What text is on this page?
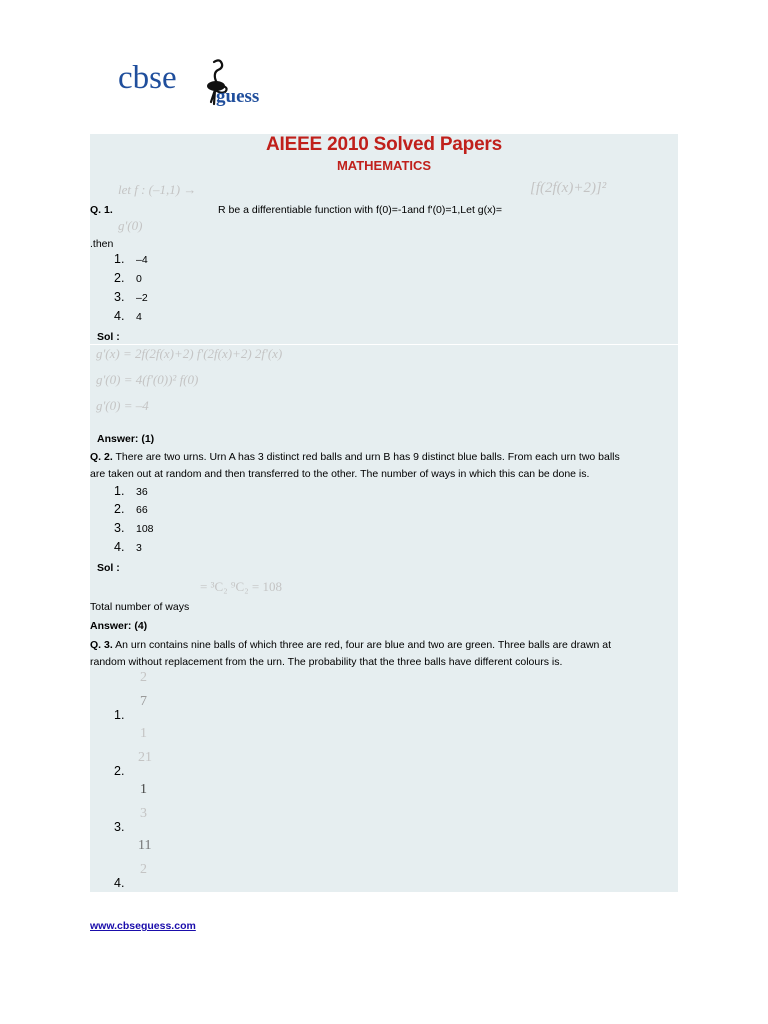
cbse
guess
AIEEE 2010 Solved Papers
MATHEMATICS
let f : (–1,1) →	[f(2f(x)+2)]²
Q. 1.	R be a differentiable function with f(0)=-1and f'(0)=1,Let g(x)=
g'(0)
.then
1. –4
2. 0
3. –2
4. 4
Sol :
g'(x) = 2f(2f(x)+2) f'(2f(x)+2) 2f'(x)
g'(0) = 4(f'(0))² f(0)
g'(0) = –4
Answer: (1)
Q. 2. There are two urns. Urn A has 3 distinct red balls and urn B has 9 distinct blue balls. From each urn two balls
are taken out at random and then transferred to the other. The number of ways in which this can be done is.
1. 36
2. 66
3. 108
4. 3
Sol :
= ³C₂ ⁹C₂ = 108
Total number of ways
Answer: (4)
Q. 3. An urn contains nine balls of which three are red, four are blue and two are green. Three balls are drawn at
random without replacement from the urn. The probability that the three balls have different colours is.
2
7
1.
1
21
2.
1
3
3.
11
2
4.
www.cbseguess.com
